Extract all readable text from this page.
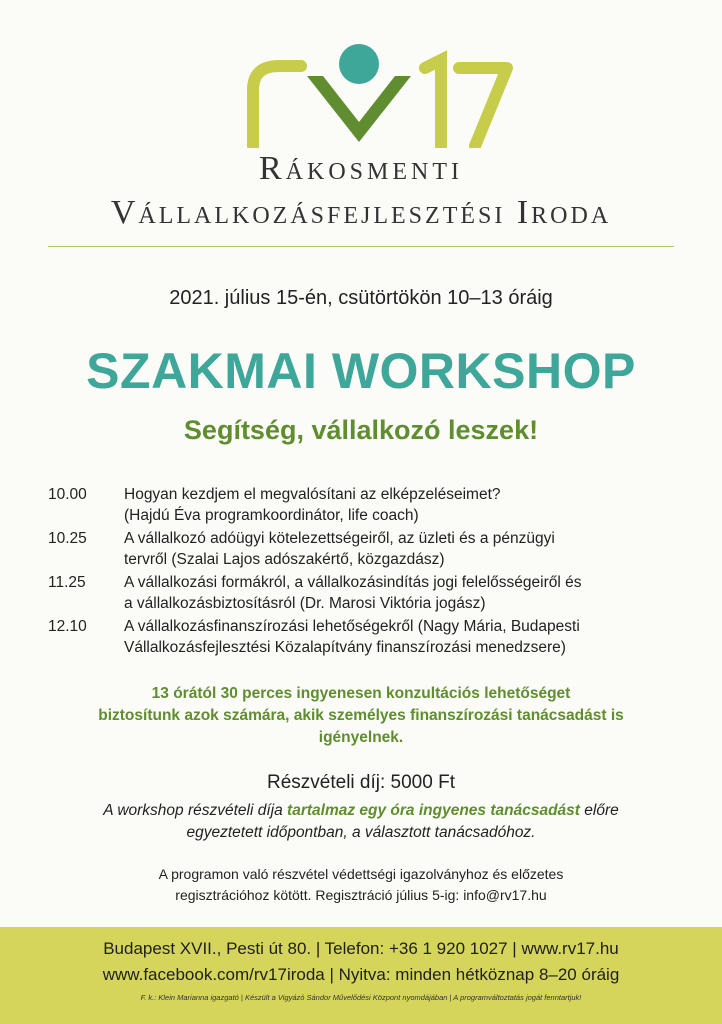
Rákosmenti
Vállalkozásfejlesztési Iroda
2021. július 15-én, csütörtökön 10–13 óráig
SZAKMAI WORKSHOP
Segítség, vállalkozó leszek!
10.00	Hogyan kezdjem el megvalósítani az elképzeléseimet?
(Hajdú Éva programkoordinátor, life coach)
10.25	A vállalkozó adóügyi kötelezettségeiről, az üzleti és a pénzügyi
tervről (Szalai Lajos adószakértő, közgazdász)
11.25	A vállalkozási formákról, a vállalkozásindítás jogi felelősségeiről és
a vállalkozásbiztosításról (Dr. Marosi Viktória jogász)
12.10	A vállalkozásfinanszírozási lehetőségekről (Nagy Mária, Budapesti
Vállalkozásfejlesztési Közalapítvány finanszírozási menedzsere)
13 órától 30 perces ingyenesen konzultációs lehetőséget
biztosítunk azok számára, akik személyes finanszírozási tanácsadást is
igényelnek.
Részvételi díj: 5000 Ft
A workshop részvételi díja tartalmaz egy óra ingyenes tanácsadást előre
egyeztetett időpontban, a választott tanácsadóhoz.
A programon való részvétel védettségi igazolványhoz és előzetes
regisztrációhoz kötött. Regisztráció július 5-ig: info@rv17.hu
Budapest XVII., Pesti út 80. | Telefon: +36 1 920 1027 | www.rv17.hu
www.facebook.com/rv17iroda | Nyitva: minden hétköznap 8–20 óráig
F. k.: Klein Marianna igazgató | Készült a Vigyázó Sándor Művelődési Központ nyomdájában | A programváltoztatás jogát fenntartjuk!
